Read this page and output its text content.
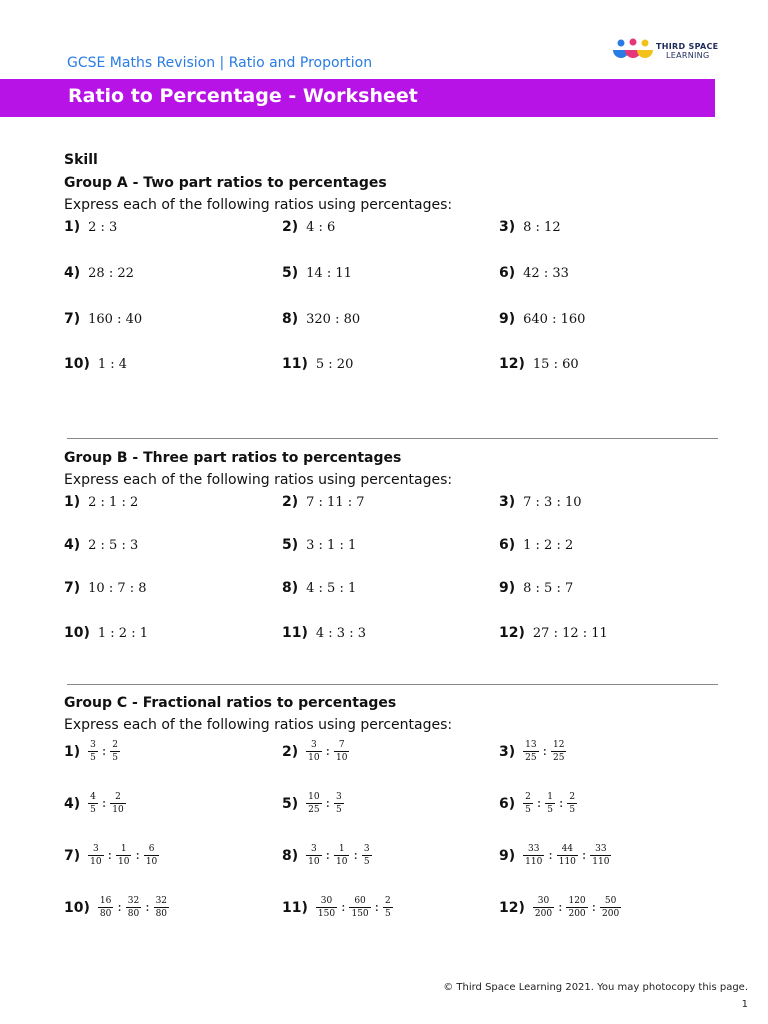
GCSE Maths Revision | Ratio and Proportion
THIRD SPACE
LEARNING
Ratio to Percentage - Worksheet
Skill
Group A - Two part ratios to percentages
Express each of the following ratios using percentages:
1) 2 : 3	2) 4 : 6	3) 8 : 12
4) 28 : 22	5) 14 : 11	6) 42 : 33
7) 160 : 40	8) 320 : 80	9) 640 : 160
10) 1 : 4	11) 5 : 20	12) 15 : 60
Group B - Three part ratios to percentages
Express each of the following ratios using percentages:
1) 2 : 1 : 2	2) 7 : 11 : 7	3) 7 : 3 : 10
4) 2 : 5 : 3	5) 3 : 1 : 1	6) 1 : 2 : 2
7) 10 : 7 : 8	8) 4 : 5 : 1	9) 8 : 5 : 7
10) 1 : 2 : 1	11) 4 : 3 : 3	12) 27 : 12 : 11
Group C - Fractional ratios to percentages
Express each of the following ratios using percentages:
$1) \frac{3}{5}$ : $\frac{2}{5}$	$2) \frac{3}{10}$ : $\frac{7}{10}$	$3) \frac{13}{25}$ : $\frac{12}{25}$
$4) \frac{4}{5}$ : $\frac{2}{10}$	$5) \frac{10}{25}$ : $\frac{3}{5}$	$6) \frac{2}{5}$ : $\frac{1}{5}$ : $\frac{2}{5}$
$7) \frac{3}{10}$ : $\frac{1}{10}$ : $\frac{6}{10}$	$8) \frac{3}{10}$ : $\frac{1}{10}$ : $\frac{3}{5}$	$9) \frac{33}{110}$ : $\frac{44}{110}$ : $\frac{33}{110}$
$10) \frac{16}{80}$ : $\frac{32}{80}$ : $\frac{32}{80}$	$11) \frac{30}{150}$ : $\frac{60}{150}$ : $\frac{2}{5}$	$12) \frac{30}{200}$ : $\frac{120}{200}$ : $\frac{50}{200}$
© Third Space Learning 2021. You may photocopy this page.
1
